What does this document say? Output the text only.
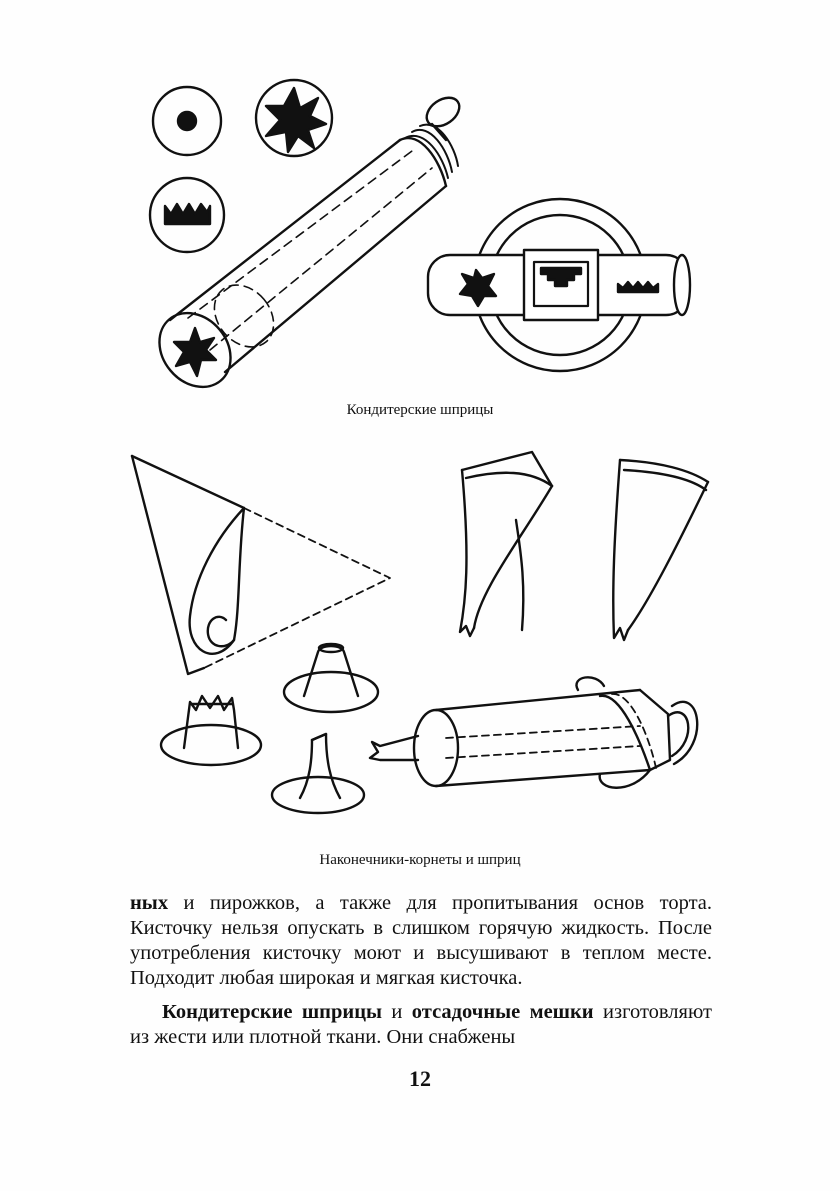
Кондитерские шприцы
Наконечники-корнеты и шприц

ных и пирожков, а также для пропитывания основ торта. Кисточку нельзя опускать в слишком горячую жидкость. После употребления кисточку моют и высушивают в теплом месте. Подходит любая широкая и мягкая кисточка.

Кондитерские шприцы и отсадочные мешки изготовляют из жести или плотной ткани. Они снабжены

12
